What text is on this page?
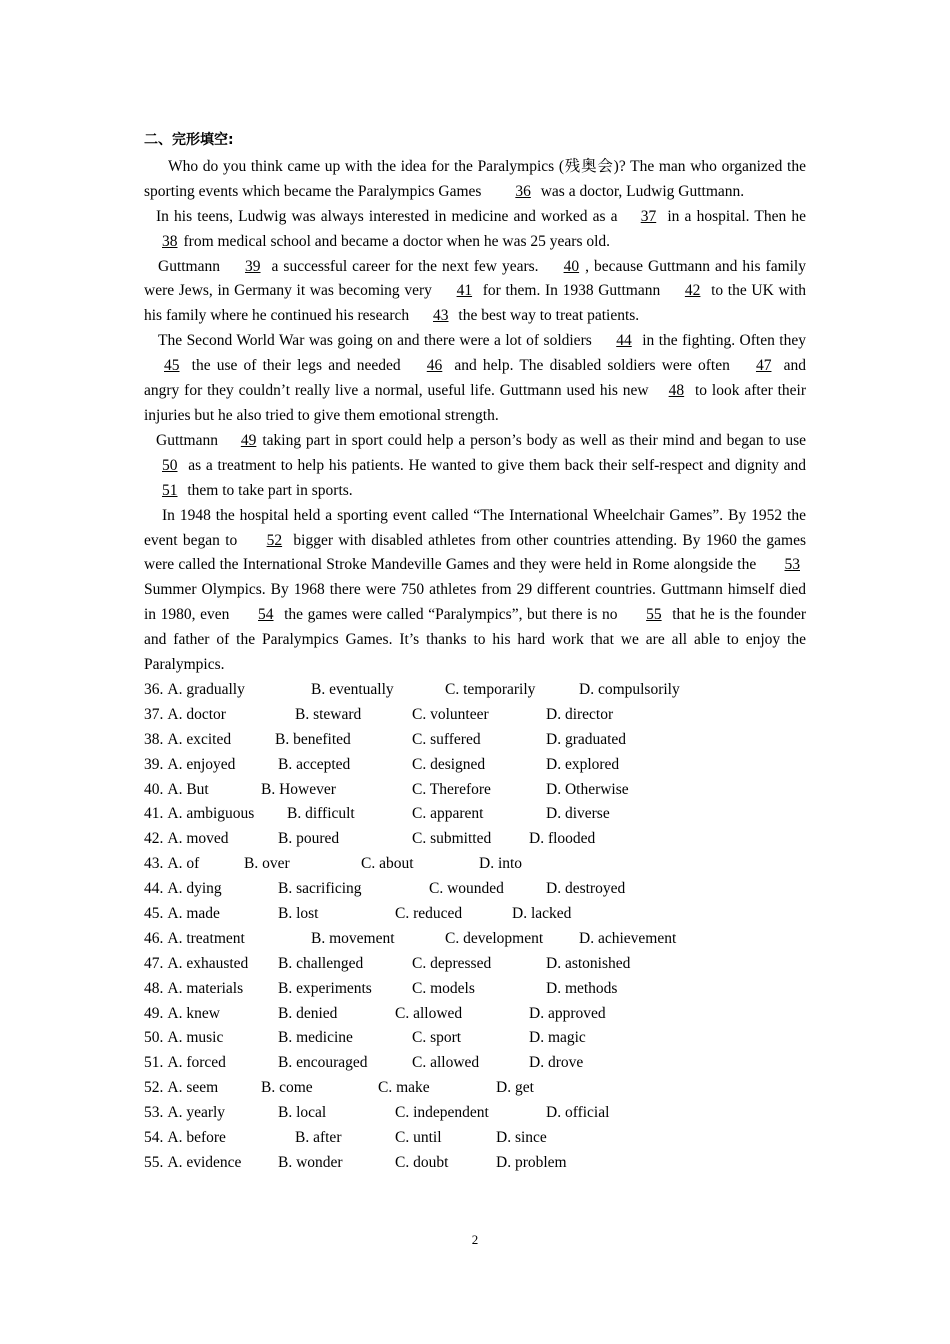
二、完形填空:

Who do you think came up with the idea for the Paralympics (残奥会)? The man who organized the sporting events which became the Paralympics Games 36 was a doctor, Ludwig Guttmann.

In his teens, Ludwig was always interested in medicine and worked as a 37 in a hospital. Then he 38 from medical school and became a doctor when he was 25 years old.

Guttmann 39 a successful career for the next few years. 40 , because Guttmann and his family were Jews, in Germany it was becoming very 41 for them. In 1938 Guttmann 42 to the UK with his family where he continued his research 43 the best way to treat patients.

The Second World War was going on and there were a lot of soldiers 44 in the fighting. Often they 45 the use of their legs and needed 46 and help. The disabled soldiers were often 47 and angry for they couldn’t really live a normal, useful life. Guttmann used his new 48 to look after their injuries but he also tried to give them emotional strength.

Guttmann 49 taking part in sport could help a person’s body as well as their mind and began to use 50 as a treatment to help his patients. He wanted to give them back their self-respect and dignity and 51 them to take part in sports.

In 1948 the hospital held a sporting event called “The International Wheelchair Games”. By 1952 the event began to 52 bigger with disabled athletes from other countries attending. By 1960 the games were called the International Stroke Mandeville Games and they were held in Rome alongside the 53 Summer Olympics. By 1968 there were 750 athletes from 29 different countries. Guttmann himself died in 1980, even 54 the games were called “Paralympics”, but there is no 55 that he is the founder and father of the Paralympics Games. It’s thanks to his hard work that we are all able to enjoy the Paralympics.

36. A. gradually	B. eventually	C. temporarily	D. compulsorily
37. A. doctor	B. steward	C. volunteer	D. director
38. A. excited	B. benefited	C. suffered	D. graduated
39. A. enjoyed	B. accepted	C. designed	D. explored
40. A. But	B. However	C. Therefore	D. Otherwise
41. A. ambiguous	B. difficult	C. apparent	D. diverse
42. A. moved	B. poured	C. submitted	D. flooded
43. A. of	B. over	C. about	D. into
44. A. dying	B. sacrificing	C. wounded	D. destroyed
45. A. made	B. lost	C. reduced	D. lacked
46. A. treatment	B. movement	C. development	D. achievement
47. A. exhausted	B. challenged	C. depressed	D. astonished
48. A. materials	B. experiments	C. models	D. methods
49. A. knew	B. denied	C. allowed	D. approved
50. A. music	B. medicine	C. sport	D. magic
51. A. forced	B. encouraged	C. allowed	D. drove
52. A. seem	B. come	C. make	D. get
53. A. yearly	B. local	C. independent	D. official
54. A. before	B. after	C. until	D. since
55. A. evidence	B. wonder	C. doubt	D. problem
2
